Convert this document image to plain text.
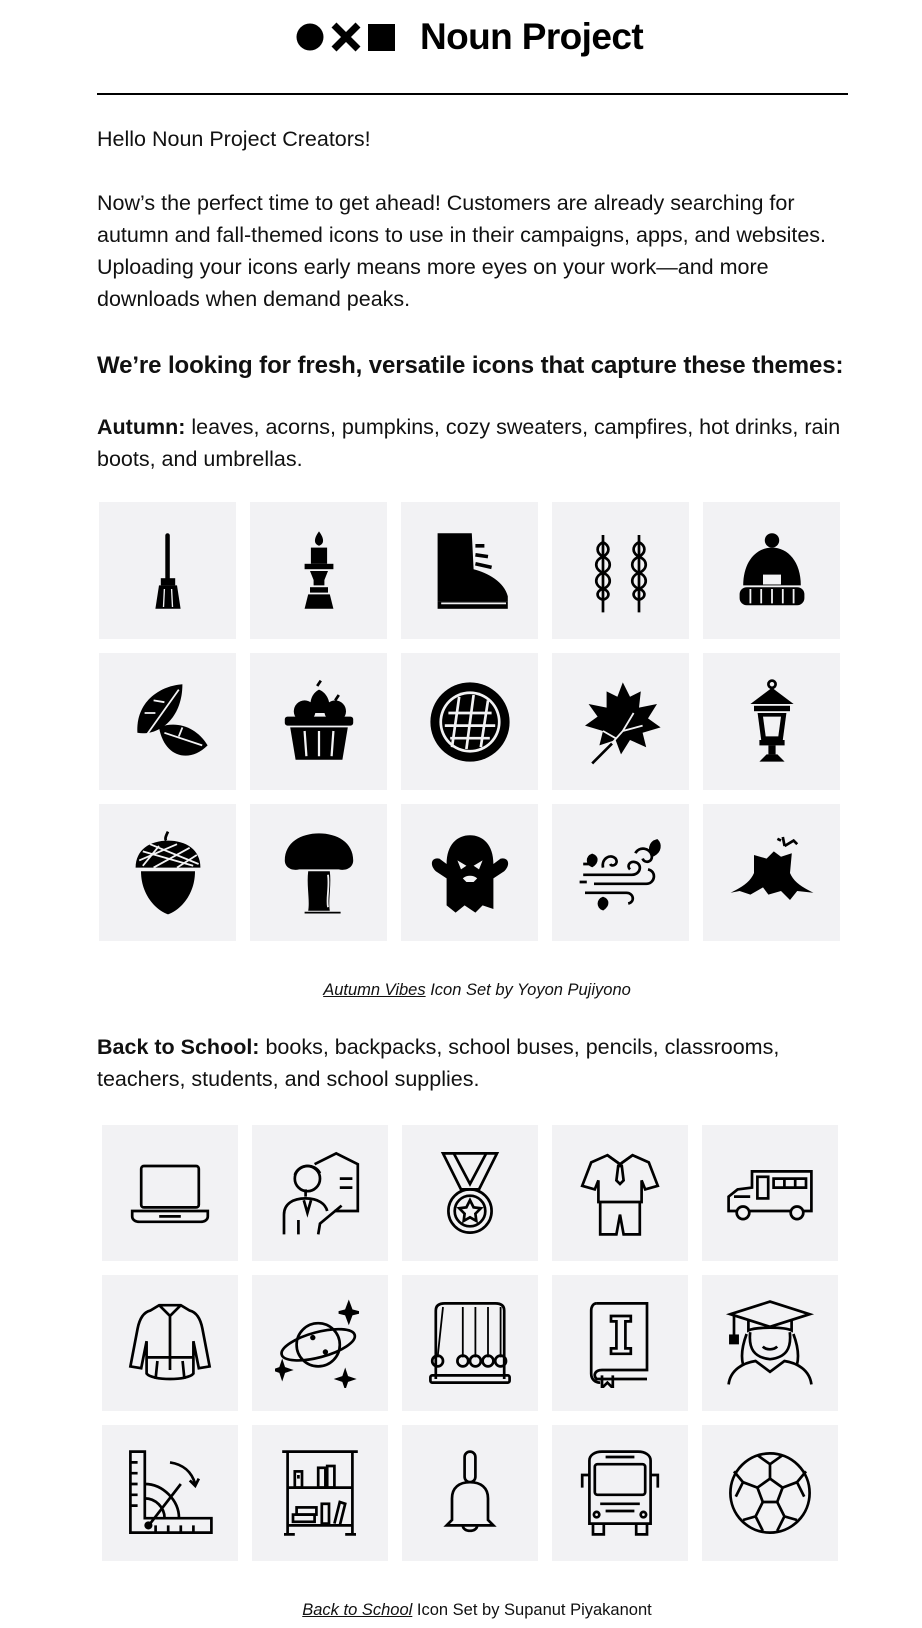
Noun Project

Hello Noun Project Creators!

Now’s the perfect time to get ahead! Customers are already searching for autumn and fall-themed icons to use in their campaigns, apps, and websites. Uploading your icons early means more eyes on your work—and more downloads when demand peaks.

We’re looking for fresh, versatile icons that capture these themes:

Autumn: leaves, acorns, pumpkins, cozy sweaters, campfires, hot drinks, rain boots, and umbrellas.

Autumn Vibes Icon Set by Yoyon Pujiyono

Back to School: books, backpacks, school buses, pencils, classrooms, teachers, students, and school supplies.

Back to School Icon Set by Supanut Piyakanont
